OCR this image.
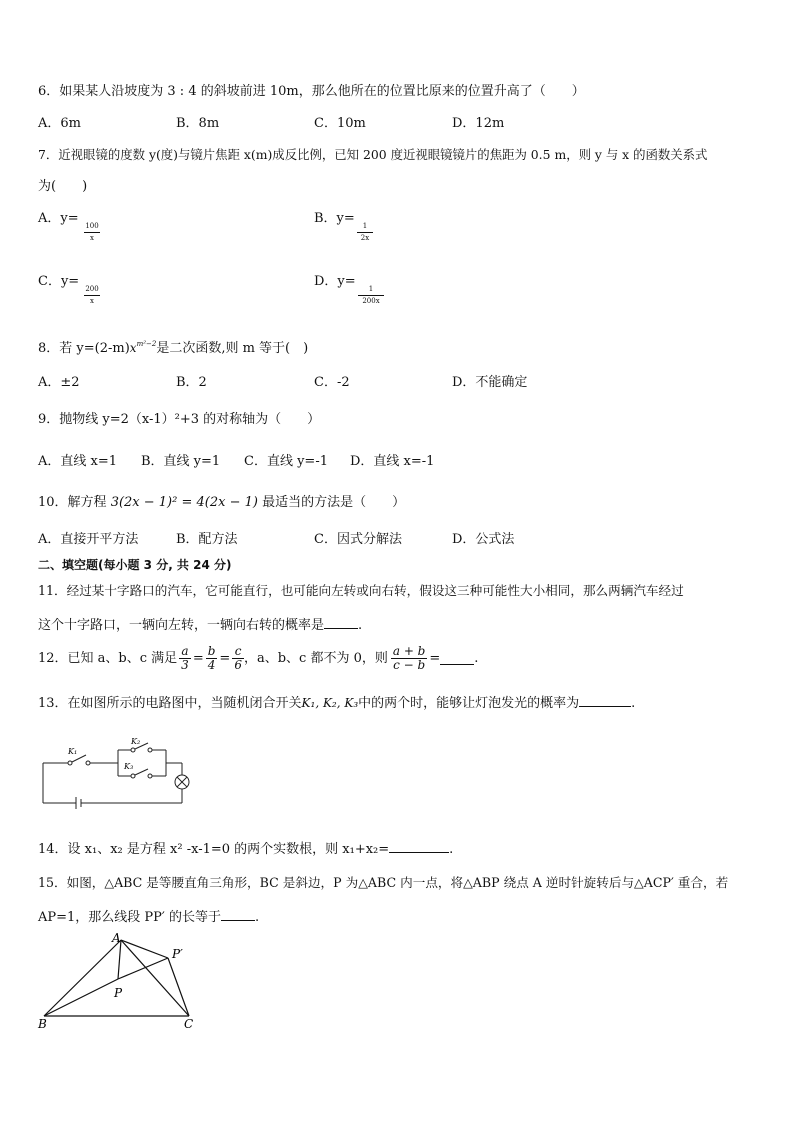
6．如果某人沿坡度为 3 : 4 的斜坡前进 10m，那么他所在的位置比原来的位置升高了（　　）
A．6m	B．8m	C．10m	D．12m
7．近视眼镜的度数 y(度)与镜片焦距 x(m)成反比例，已知 200 度近视眼镜镜片的焦距为 0.5 m，则 y 与 x 的函数关系式
为(　　)
A．y= 100
x
B．y=	1
2x
C．y= 200
x
D．y=	1
200x
8．若 $y=(2-m)x^{m^2-2}$是二次函数,则 m 等于(　)
A．±2	B．2	C．-2	D．不能确定
9．抛物线 y=2（x-1）²+3 的对称轴为（　　）
A．直线 x=1 B．直线 y=1 C．直线 y=-1 D．直线 x=-1
10．解方程 3(2x − 1)² = 4(2x − 1) 最适当的方法是（　　）
A．直接开平方法	B．配方法	C．因式分解法	D．公式法
二、填空题(每小题 3 分, 共 24 分)
11．经过某十字路口的汽车，它可能直行，也可能向左转或向右转，假设这三种可能性大小相同，那么两辆汽车经过
这个十字路口，一辆向左转，一辆向右转的概率是	.
12．已知 a、b、c 满足 $\frac{a}{3} = \frac{b}{4} = \frac{c}{6}$ ，a、b、c 都不为 0，则 $\frac{a + b}{c - b}$ =	.
13．在如图所示的电路图中，当随机闭合开关K₁, K₂, K₃中的两个时，能够让灯泡发光的概率为	.
K₁
K₂
K₃
14．设 x₁、x₂ 是方程 x² -x-1=0 的两个实数根，则 x₁+x₂=	.
15．如图，△ABC 是等腰直角三角形，BC 是斜边，P 为△ABC 内一点，将△ABP 绕点 A 逆时针旋转后与△ACP′ 重合，若
AP=1，那么线段 PP′ 的长等于	.
A
P′
P
B	C
